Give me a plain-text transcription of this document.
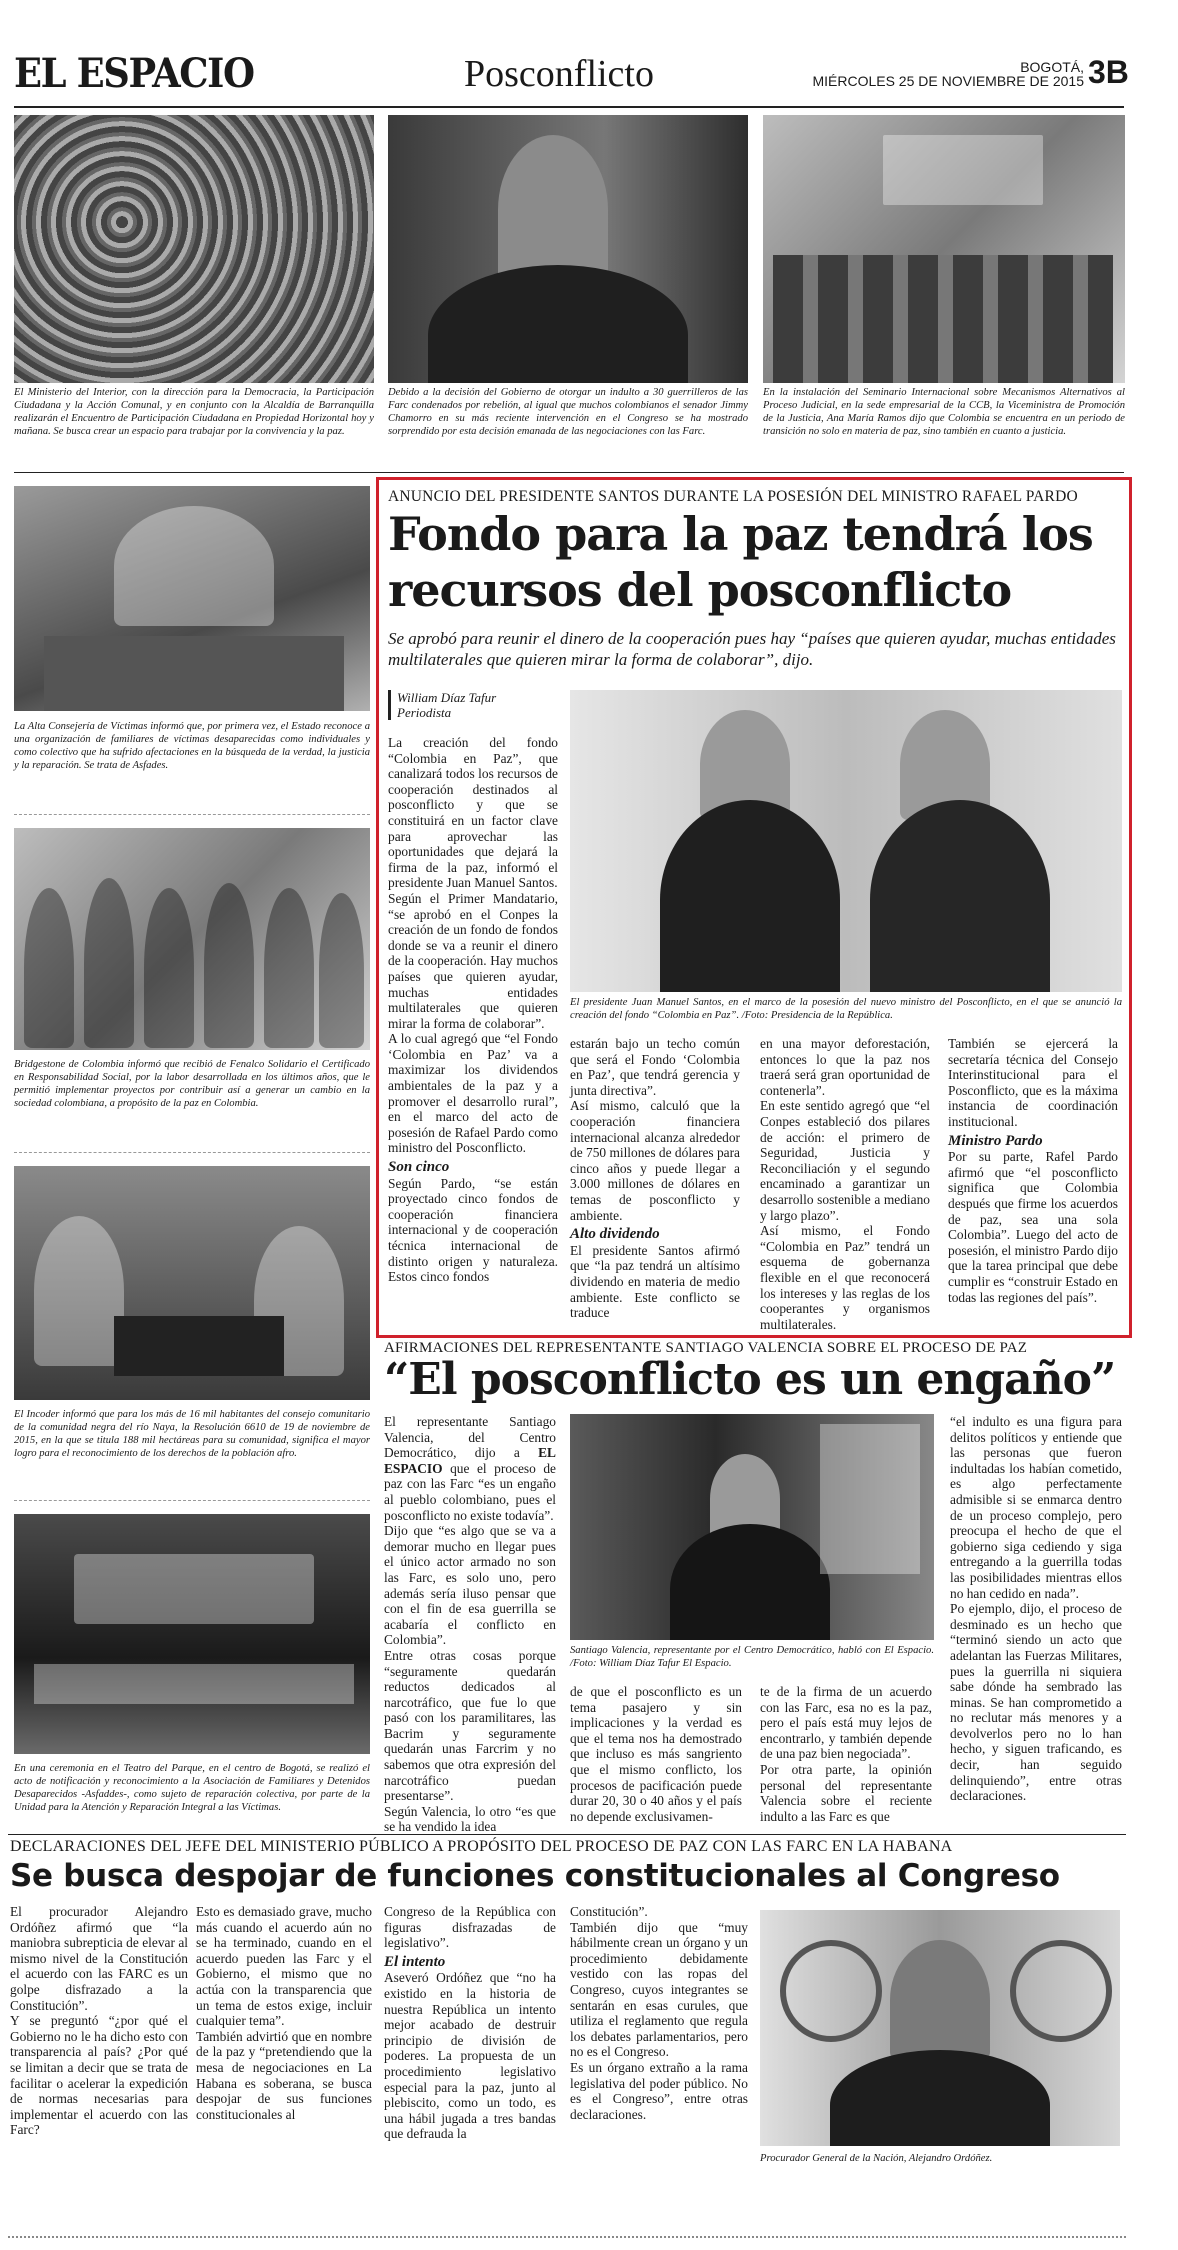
EL ESPACIO	Posconflicto	BOGOTÁ,
MIÉRCOLES 25 DE NOVIEMBRE DE 2015 3B
El Ministerio del Interior, con la dirección para la Democracia, la Participación Ciudadana y la Acción Comunal, y en conjunto con la Alcaldía de Barranquilla realizarán el Encuentro de Participación Ciudadana en Propiedad Horizontal hoy y mañana. Se busca crear un espacio para trabajar por la convivencia y la paz.
Debido a la decisión del Gobierno de otorgar un indulto a 30 guerrilleros de las Farc condenados por rebelión, al igual que muchos colombianos el senador Jimmy Chamorro en su más reciente intervención en el Congreso se ha mostrado sorprendido por esta decisión emanada de las negociaciones con las Farc.
En la instalación del Seminario Internacional sobre Mecanismos Alternativos al Proceso Judicial, en la sede empresarial de la CCB, la Viceministra de Promoción de la Justicia, Ana María Ramos dijo que Colombia se encuentra en un periodo de transición no solo en materia de paz, sino también en cuanto a justicia.
La Alta Consejería de Víctimas informó que, por primera vez, el Estado reconoce a una organización de familiares de víctimas desaparecidas como individuales y como colectivo que ha sufrido afectaciones en la búsqueda de la verdad, la justicia y la reparación. Se trata de Asfades.
Bridgestone de Colombia informó que recibió de Fenalco Solidario el Certificado en Responsabilidad Social, por la labor desarrollada en los últimos años, que le permitió implementar proyectos por contribuir así a generar un cambio en la sociedad colombiana, a propósito de la paz en Colombia.
El Incoder informó que para los más de 16 mil habitantes del consejo comunitario de la comunidad negra del río Naya, la Resolución 6610 de 19 de noviembre de 2015, en la que se titula 188 mil hectáreas para su comunidad, significa el mayor logro para el reconocimiento de los derechos de la población afro.
En una ceremonia en el Teatro del Parque, en el centro de Bogotá, se realizó el acto de notificación y reconocimiento a la Asociación de Familiares y Detenidos Desaparecidos -Asfaddes-, como sujeto de reparación colectiva, por parte de la Unidad para la Atención y Reparación Integral a las Víctimas.
ANUNCIO DEL PRESIDENTE SANTOS DURANTE LA POSESIÓN DEL MINISTRO RAFAEL PARDO
Fondo para la paz tendrá los
recursos del posconflicto
Se aprobó para reunir el dinero de la cooperación pues hay “países que quieren ayudar, muchas entidades multilaterales que quieren mirar la forma de colaborar”, dijo.
William Díaz Tafur
Periodista

La creación del fondo “Colombia en Paz”, que canalizará todos los recursos de cooperación destinados al posconflicto y que se constituirá en un factor clave para aprovechar las oportunidades que dejará la firma de la paz, informó el presidente Juan Manuel Santos.

Según el Primer Mandatario, “se aprobó en el Conpes la creación de un fondo de fondos donde se va a reunir el dinero de la cooperación. Hay muchos países que quieren ayudar, muchas entidades multilaterales que quieren mirar la forma de colaborar”.

A lo cual agregó que “el Fondo ‘Colombia en Paz’ va a maximizar los dividendos ambientales de la paz y a promover el desarrollo rural”, en el marco del acto de posesión de Rafael Pardo como ministro del Posconflicto.

Son cinco

Según Pardo, “se están proyectado cinco fondos de cooperación financiera internacional y de cooperación técnica internacional de distinto origen y naturaleza. Estos cinco fondos

El presidente Juan Manuel Santos, en el marco de la posesión del nuevo ministro del Posconflicto, en el que se anunció la creación del fondo “Colombia en Paz”. /Foto: Presidencia de la República.

estarán bajo un techo común que será el Fondo ‘Colombia en Paz’, que tendrá gerencia y junta directiva”.

Así mismo, calculó que la cooperación financiera internacional alcanza alrededor de 750 millones de dólares para cinco años y puede llegar a 3.000 millones de dólares en temas de posconflicto y ambiente.

Alto dividendo

El presidente Santos afirmó que “la paz tendrá un altísimo dividendo en materia de medio ambiente. Este conflicto se traduce

en una mayor deforestación, entonces lo que la paz nos traerá será gran oportunidad de contenerla”.

En este sentido agregó que “el Conpes estableció dos pilares de acción: el primero de Seguridad, Justicia y Reconciliación y el segundo encaminado a garantizar un desarrollo sostenible a mediano y largo plazo”.

Así mismo, el Fondo “Colombia en Paz” tendrá un esquema de gobernanza flexible en el que reconocerá los intereses y las reglas de los cooperantes y organismos multilaterales.

También se ejercerá la secretaría técnica del Consejo Interinstitucional para el Posconflicto, que es la máxima instancia de coordinación institucional.

Ministro Pardo

Por su parte, Rafel Pardo afirmó que “el posconflicto significa que Colombia después que firme los acuerdos de paz, sea una sola Colombia”. Luego del acto de posesión, el ministro Pardo dijo que la tarea principal que debe cumplir es “construir Estado en todas las regiones del país”.

AFIRMACIONES DEL REPRESENTANTE SANTIAGO VALENCIA SOBRE EL PROCESO DE PAZ
“El posconflicto es un engaño”

El representante Santiago Valencia, del Centro Democrático, dijo a EL ESPACIO que el proceso de paz con las Farc “es un engaño al pueblo colombiano, pues el posconflicto no existe todavía”.

Dijo que “es algo que se va a demorar mucho en llegar pues el único actor armado no son las Farc, es solo uno, pero además sería iluso pensar que con el fin de esa guerrilla se acabaría el conflicto en Colombia”.

Entre otras cosas porque “seguramente quedarán reductos dedicados al narcotráfico, que fue lo que pasó con los paramilitares, las Bacrim y seguramente quedarán unas Farcrim y no sabemos que otra expresión del narcotráfico puedan presentarse”.

Según Valencia, lo otro “es que se ha vendido la idea

Santiago Valencia, representante por el Centro Democrático, habló con El Espacio. /Foto: William Díaz Tafur El Espacio.

de que el posconflicto es un tema pasajero y sin implicaciones y la verdad es que el tema nos ha demostrado que incluso es más sangriento que el mismo conflicto, los procesos de pacificación puede durar 20, 30 o 40 años y el país no depende exclusivamen-

te de la firma de un acuerdo con las Farc, esa no es la paz, pero el país está muy lejos de encontrarlo, y también depende de una paz bien negociada”.

Por otra parte, la opinión personal del representante Valencia sobre el reciente indulto a las Farc es que

“el indulto es una figura para delitos políticos y entiende que las personas que fueron indultadas los habían cometido, es algo perfectamente admisible si se enmarca dentro de un proceso complejo, pero preocupa el hecho de que el gobierno siga cediendo y siga entregando a la guerrilla todas las posibilidades mientras ellos no han cedido en nada”.

Po ejemplo, dijo, el proceso de desminado es un hecho que “terminó siendo un acto que adelantan las Fuerzas Militares, pues la guerrilla ni siquiera sabe dónde ha sembrado las minas. Se han comprometido a no reclutar más menores y a devolverlos pero no lo han hecho, y siguen traficando, es decir, han seguido delinquiendo”, entre otras declaraciones.

DECLARACIONES DEL JEFE DEL MINISTERIO PÚBLICO A PROPÓSITO DEL PROCESO DE PAZ CON LAS FARC EN LA HABANA
Se busca despojar de funciones constitucionales al Congreso

El procurador Alejandro Ordóñez afirmó que “la maniobra subrepticia de elevar al mismo nivel de la Constitución el acuerdo con las FARC es un golpe disfrazado a la Constitución”.

Y se preguntó “¿por qué el Gobierno no le ha dicho esto con transparencia al país? ¿Por qué se limitan a decir que se trata de facilitar o acelerar la expedición de normas necesarias para implementar el acuerdo con las Farc?

Esto es demasiado grave, mucho más cuando el acuerdo aún no se ha terminado, cuando en el acuerdo pueden las Farc y el Gobierno, el mismo que no actúa con la transparencia que un tema de estos exige, incluir cualquier tema”.

También advirtió que en nombre de la paz y “pretendiendo que la mesa de negociaciones en La Habana es soberana, se busca despojar de sus funciones constitucionales al

Congreso de la República con figuras disfrazadas de legislativo”.

El intento

Aseveró Ordóñez que “no ha existido en la historia de nuestra República un intento mejor acabado de destruir principio de división de poderes. La propuesta de un procedimiento legislativo especial para la paz, junto al plebiscito, como un todo, es una hábil jugada a tres bandas que defrauda la

Constitución”.

También dijo que “muy hábilmente crean un órgano y un procedimiento debidamente vestido con las ropas del Congreso, cuyos integrantes se sentarán en esas curules, que utiliza el reglamento que regula los debates parlamentarios, pero no es el Congreso.

Es un órgano extraño a la rama legislativa del poder público. No es el Congreso”, entre otras declaraciones.

Procurador General de la Nación, Alejandro Ordóñez.
